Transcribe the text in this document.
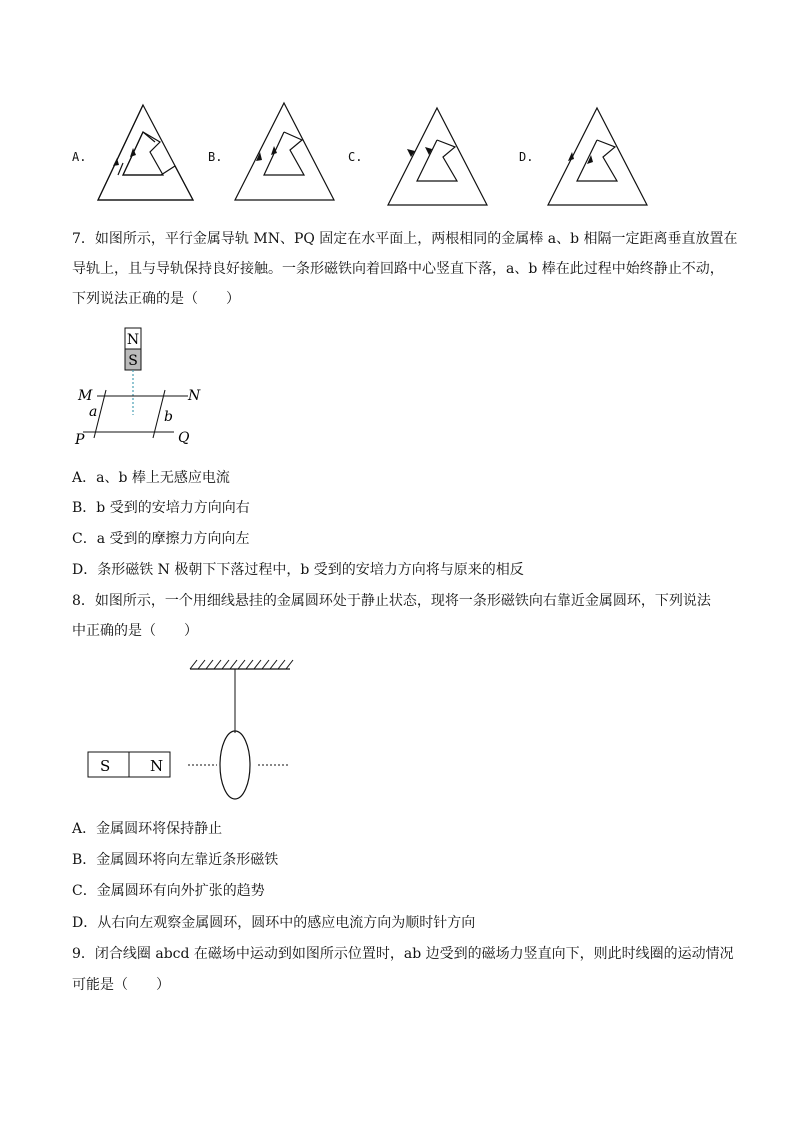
A.	B.	C.	D.
7．如图所示，平行金属导轨 MN、PQ 固定在水平面上，两根相同的金属棒 a、b 相隔一定距离垂直放置在
导轨上，且与导轨保持良好接触。一条形磁铁向着回路中心竖直下落，a、b 棒在此过程中始终静止不动，
下列说法正确的是（　　）
N
S
M	N
P	Q
a	b
A．a、b 棒上无感应电流
B．b 受到的安培力方向向右
C．a 受到的摩擦力方向向左
D．条形磁铁 N 极朝下下落过程中，b 受到的安培力方向将与原来的相反
8．如图所示，一个用细线悬挂的金属圆环处于静止状态，现将一条形磁铁向右靠近金属圆环，下列说法
中正确的是（　　）
S	N
A．金属圆环将保持静止
B．金属圆环将向左靠近条形磁铁
C．金属圆环有向外扩张的趋势
D．从右向左观察金属圆环，圆环中的感应电流方向为顺时针方向
9．闭合线圈 abcd 在磁场中运动到如图所示位置时，ab 边受到的磁场力竖直向下，则此时线圈的运动情况
可能是（　　）
